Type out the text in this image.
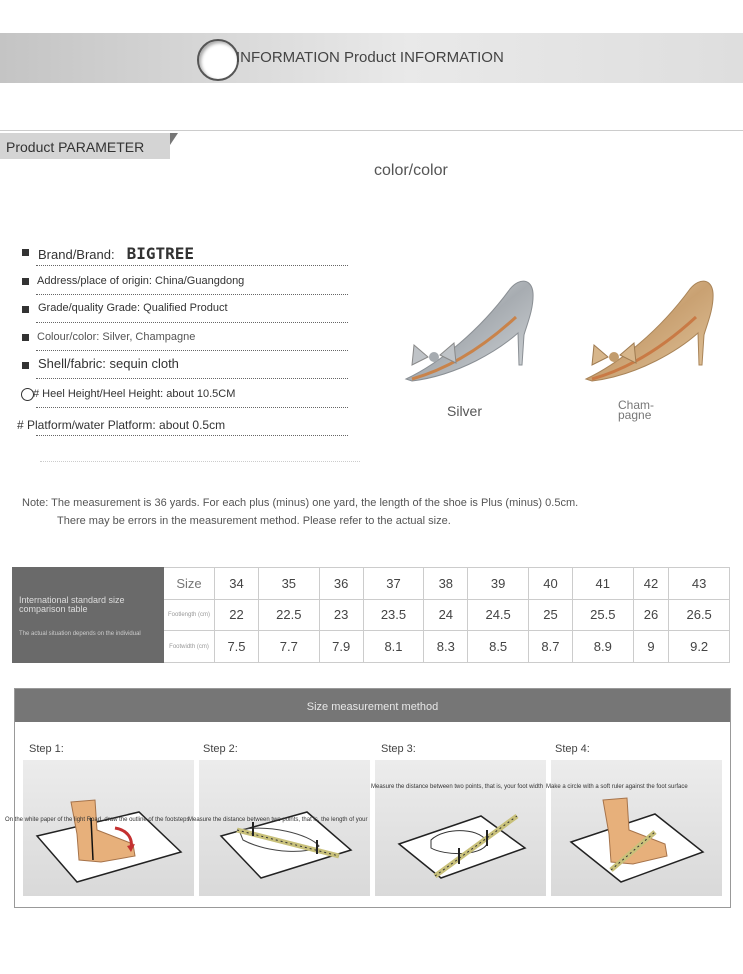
INFORMATION Product INFORMATION
Product PARAMETER
color/color
Brand/Brand: BIGTREE
Address/place of origin: China/Guangdong
Grade/quality Grade: Qualified Product
Colour/color: Silver, Champagne
Shell/fabric: sequin cloth
# Heel Height/Heel Height: about 10.5CM
# Platform/water Platform: about 0.5cm
Silver	Cham-
pagne
Note: The measurement is 36 yards. For each plus (minus) one yard, the length of the shoe is Plus (minus) 0.5cm.
There may be errors in the measurement method. Please refer to the actual size.
International standard size comparison table
The actual situation depends on the individual	Size	34	35	36	37	38	39	40	41	42	43
	Footlength (cm)	22	22.5	23	23.5	24	24.5	25	25.5	26	26.5
	Footwidth (cm)	7.5	7.7	7.9	8.1	8.3	8.5	8.7	8.9	9	9.2
Size measurement method
Step 1:	Step 2:	Step 3:	Step 4:
On the white paper of the light Road, draw the outline of the footsteps
Measure the distance between two points, that is, the length of your
Measure the distance between two points, that is, your foot width Make a circle with a soft ruler against the foot surface
